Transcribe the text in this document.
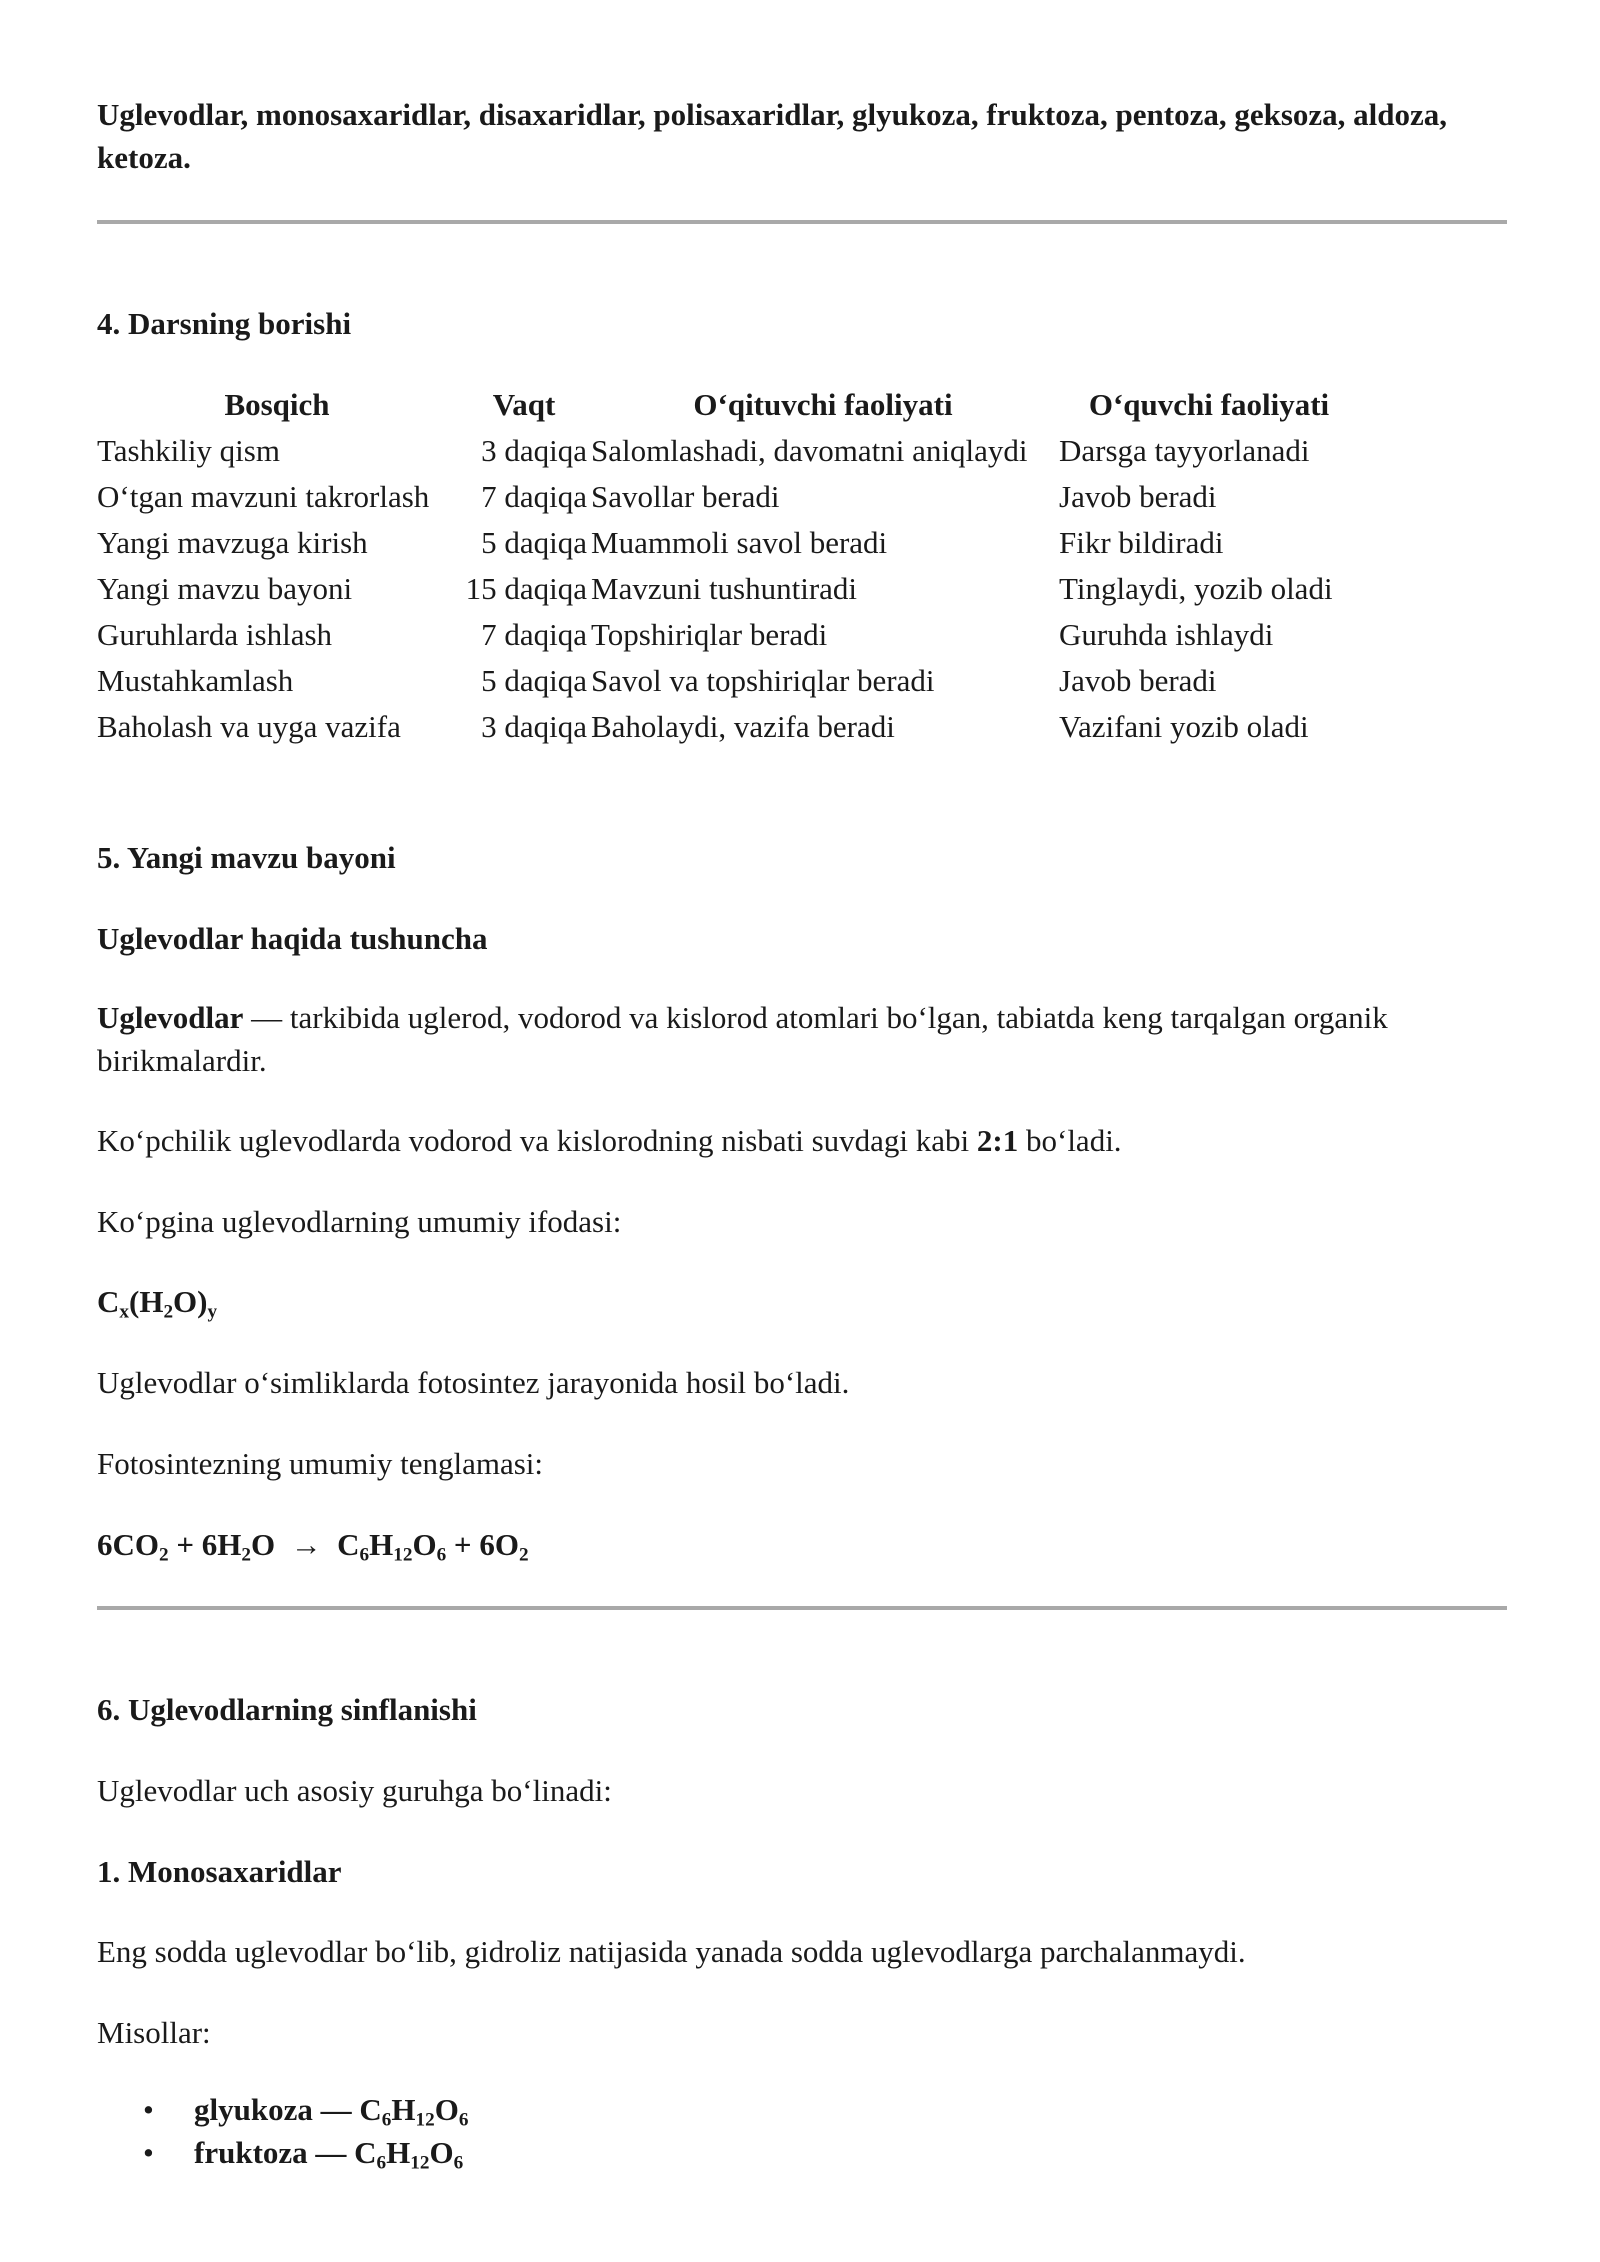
Uglevodlar, monosaxaridlar, disaxaridlar, polisaxaridlar, glyukoza, fruktoza, pentoza, geksoza, aldoza, ketoza.

4. Darsning borishi

Bosqich	Vaqt	O‘qituvchi faoliyati	O‘quvchi faoliyati
Tashkiliy qism	3 daqiqa	Salomlashadi, davomatni aniqlaydi	Darsga tayyorlanadi
O‘tgan mavzuni takrorlash	7 daqiqa	Savollar beradi	Javob beradi
Yangi mavzuga kirish	5 daqiqa	Muammoli savol beradi	Fikr bildiradi
Yangi mavzu bayoni	15 daqiqa	Mavzuni tushuntiradi	Tinglaydi, yozib oladi
Guruhlarda ishlash	7 daqiqa	Topshiriqlar beradi	Guruhda ishlaydi
Mustahkamlash	5 daqiqa	Savol va topshiriqlar beradi	Javob beradi
Baholash va uyga vazifa	3 daqiqa	Baholaydi, vazifa beradi	Vazifani yozib oladi

5. Yangi mavzu bayoni

Uglevodlar haqida tushuncha

Uglevodlar — tarkibida uglerod, vodorod va kislorod atomlari bo‘lgan, tabiatda keng tarqalgan organik birikmalardir.

Ko‘pchilik uglevodlarda vodorod va kislorodning nisbati suvdagi kabi 2:1 bo‘ladi.

Ko‘pgina uglevodlarning umumiy ifodasi:

$C_x(H_2O)_y$

Uglevodlar o‘simliklarda fotosintez jarayonida hosil bo‘ladi.

Fotosintezning umumiy tenglamasi:

$6CO_2 + 6H_2O \to C_6H_{12}O_6 + 6O_2$

6. Uglevodlarning sinflanishi

Uglevodlar uch asosiy guruhga bo‘linadi:

1. Monosaxaridlar

Eng sodda uglevodlar bo‘lib, gidroliz natijasida yanada sodda uglevodlarga parchalanmaydi.

Misollar:

• glyukoza — $C_6H_{12}O_6$
• fruktoza — $C_6H_{12}O_6$
